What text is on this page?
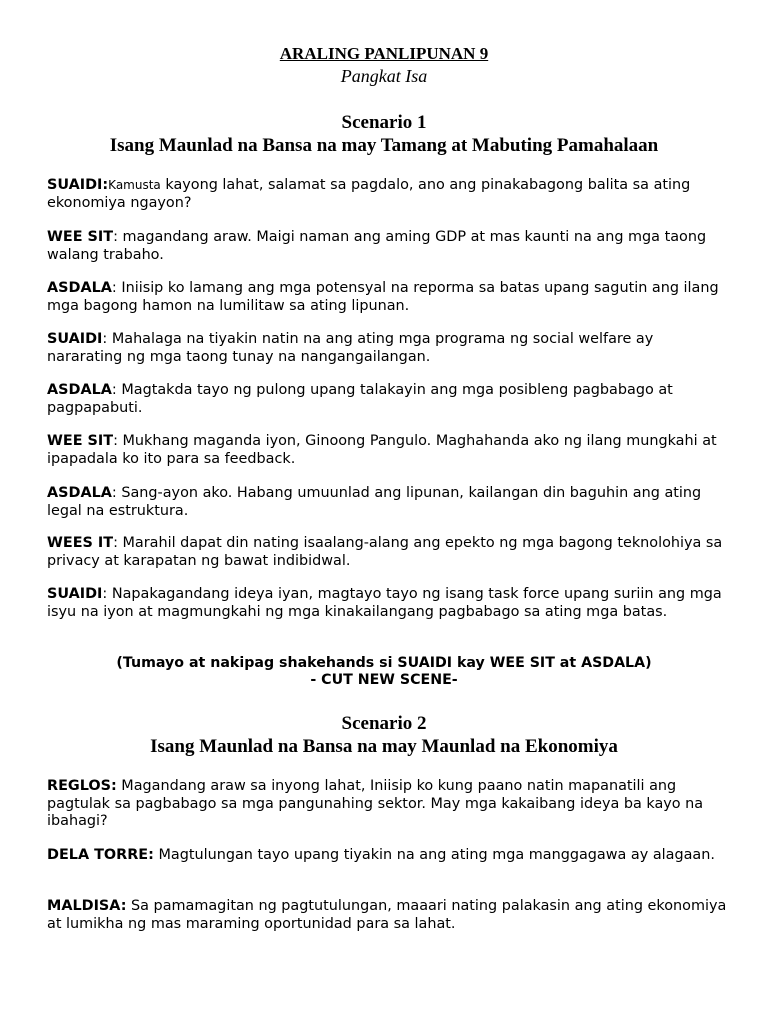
ARALING PANLIPUNAN 9
Pangkat Isa
Scenario 1
Isang Maunlad na Bansa na may Tamang at Mabuting Pamahalaan

SUAIDI:Kamusta kayong lahat, salamat sa pagdalo, ano ang pinakabagong balita sa ating ekonomiya ngayon?

WEE SIT: magandang araw. Maigi naman ang aming GDP at mas kaunti na ang mga taong walang trabaho.

ASDALA: Iniisip ko lamang ang mga potensyal na reporma sa batas upang sagutin ang ilang mga bagong hamon na lumilitaw sa ating lipunan.

SUAIDI: Mahalaga na tiyakin natin na ang ating mga programa ng social welfare ay nararating ng mga taong tunay na nangangailangan.

ASDALA: Magtakda tayo ng pulong upang talakayin ang mga posibleng pagbabago at pagpapabuti.

WEE SIT: Mukhang maganda iyon, Ginoong Pangulo. Maghahanda ako ng ilang mungkahi at ipapadala ko ito para sa feedback.

ASDALA: Sang-ayon ako. Habang umuunlad ang lipunan, kailangan din baguhin ang ating legal na estruktura.

WEES IT: Marahil dapat din nating isaalang-alang ang epekto ng mga bagong teknolohiya sa privacy at karapatan ng bawat indibidwal.

SUAIDI: Napakagandang ideya iyan, magtayo tayo ng isang task force upang suriin ang mga isyu na iyon at magmungkahi ng mga kinakailangang pagbabago sa ating mga batas.

(Tumayo at nakipag shakehands si SUAIDI kay WEE SIT at ASDALA)
- CUT NEW SCENE-
Scenario 2
Isang Maunlad na Bansa na may Maunlad na Ekonomiya

REGLOS: Magandang araw sa inyong lahat, Iniisip ko kung paano natin mapanatili ang pagtulak sa pagbabago sa mga pangunahing sektor. May mga kakaibang ideya ba kayo na ibahagi?

DELA TORRE: Magtulungan tayo upang tiyakin na ang ating mga manggagawa ay alagaan.

MALDISA: Sa pamamagitan ng pagtutulungan, maaari nating palakasin ang ating ekonomiya at lumikha ng mas maraming oportunidad para sa lahat.
